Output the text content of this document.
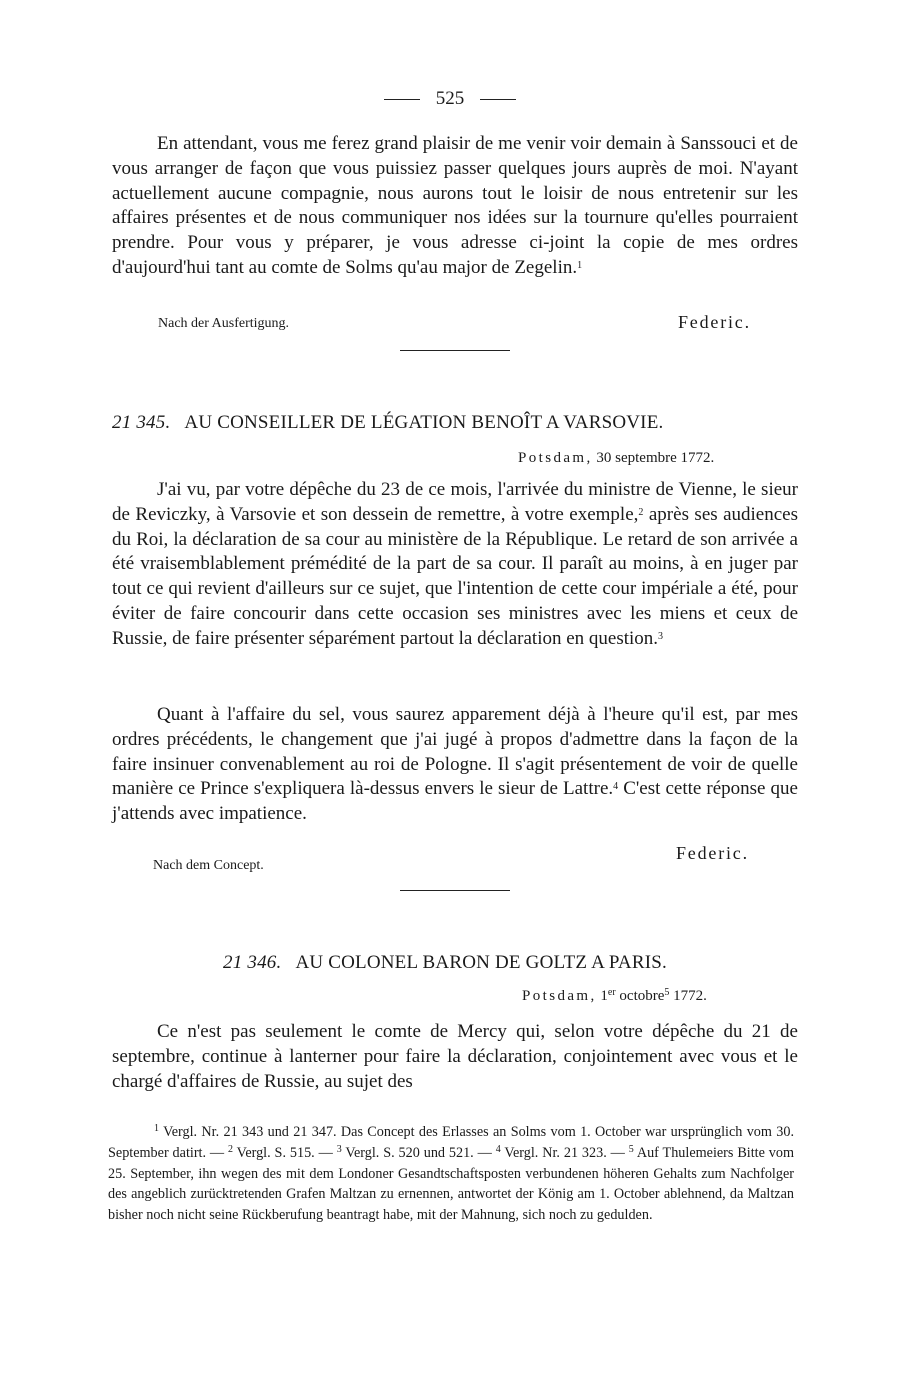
525

En attendant, vous me ferez grand plaisir de me venir voir demain à Sanssouci et de vous arranger de façon que vous puissiez passer quelques jours auprès de moi. N'ayant actuellement aucune compagnie, nous aurons tout le loisir de nous entretenir sur les affaires présentes et de nous communiquer nos idées sur la tournure qu'elles pourraient prendre. Pour vous y préparer, je vous adresse ci-joint la copie de mes ordres d'aujourd'hui tant au comte de Solms qu'au major de Zegelin.$^1$

Nach der Ausfertigung.	Federic.
21 345. AU CONSEILLER DE LÉGATION BENOÎT A VARSOVIE.
Potsdam, 30 septembre 1772.

J'ai vu, par votre dépêche du 23 de ce mois, l'arrivée du ministre de Vienne, le sieur de Reviczky, à Varsovie et son dessein de remettre, à votre exemple,$^2$ après ses audiences du Roi, la déclaration de sa cour au ministère de la République. Le retard de son arrivée a été vraisemblablement prémédité de la part de sa cour. Il paraît au moins, à en juger par tout ce qui revient d'ailleurs sur ce sujet, que l'intention de cette cour impériale a été, pour éviter de faire concourir dans cette occasion ses ministres avec les miens et ceux de Russie, de faire présenter séparément partout la déclaration en question.$^3$

Quant à l'affaire du sel, vous saurez apparement déjà à l'heure qu'il est, par mes ordres précédents, le changement que j'ai jugé à propos d'admettre dans la façon de la faire insinuer convenablement au roi de Pologne. Il s'agit présentement de voir de quelle manière ce Prince s'expliquera là-dessus envers le sieur de Lattre.$^4$ C'est cette réponse que j'attends avec impatience.

Nach dem Concept.
Federic.
21 346. AU COLONEL BARON DE GOLTZ A PARIS.
Potsdam, 1er octobre$^5$ 1772.

Ce n'est pas seulement le comte de Mercy qui, selon votre dépêche du 21 de septembre, continue à lanterner pour faire la déclaration, conjointement avec vous et le chargé d'affaires de Russie, au sujet des

$^1$ Vergl. Nr. 21 343 und 21 347. Das Concept des Erlasses an Solms vom 1. October war ursprünglich vom 30. September datirt. — $^2$ Vergl. S. 515. — $^3$ Vergl. S. 520 und 521. — $^4$ Vergl. Nr. 21 323. — $^5$ Auf Thulemeiers Bitte vom 25. September, ihn wegen des mit dem Londoner Gesandtschaftsposten verbundenen höheren Gehalts zum Nachfolger des angeblich zurücktretenden Grafen Maltzan zu ernennen, antwortet der König am 1. October ablehnend, da Maltzan bisher noch nicht seine Rückberufung beantragt habe, mit der Mahnung, sich noch zu gedulden.
